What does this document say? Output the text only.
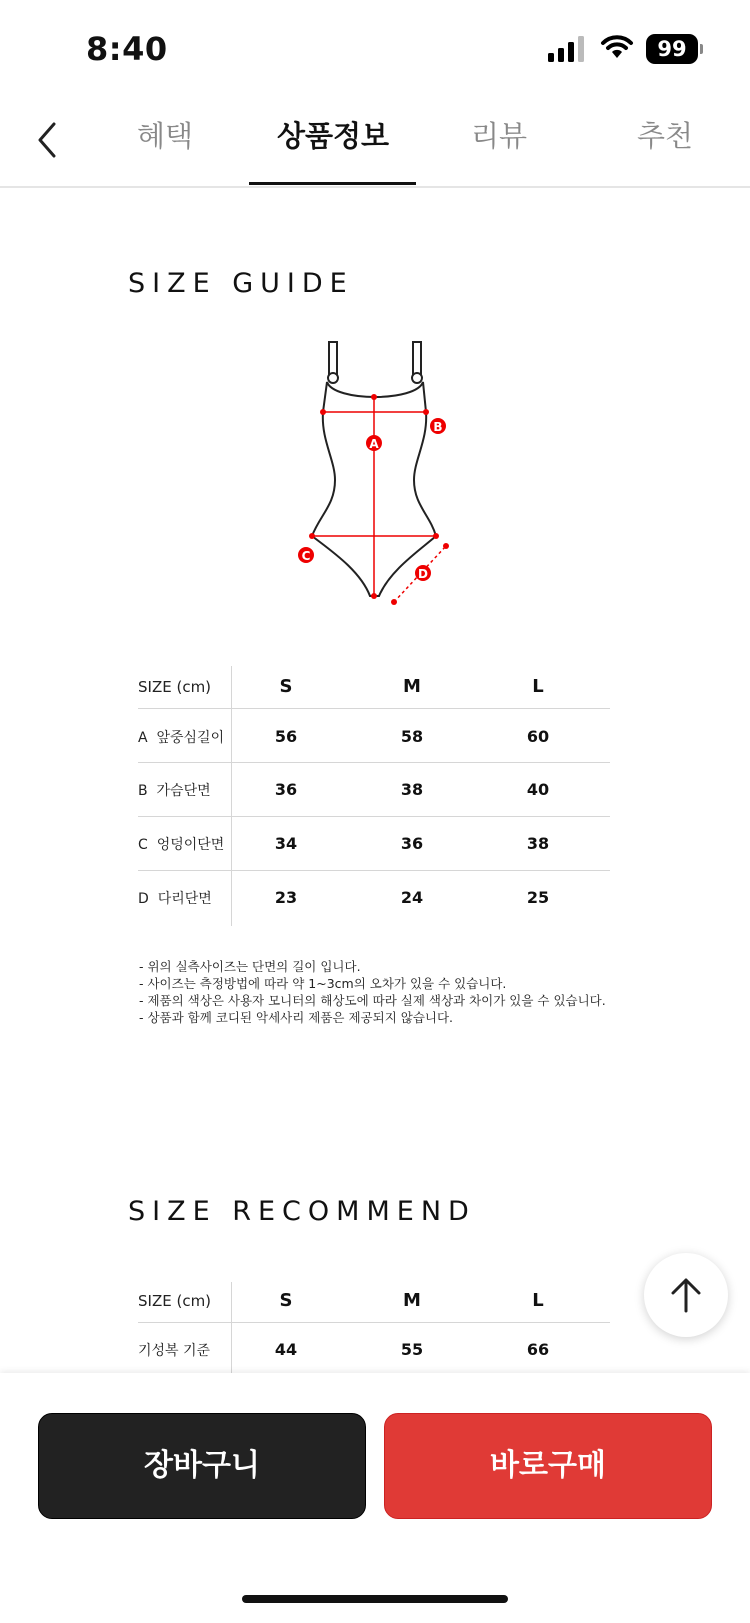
8:40	99
혜택	상품정보	리뷰	추천
SIZE GUIDE
A
B
C
D
SIZE (cm)	S	M	L
A 앞중심길이	56	58	60
B 가슴단면	36	38	40
C 엉덩이단면	34	36	38
D 다리단면	23	24	25
- 위의 실측사이즈는 단면의 길이 입니다.
- 사이즈는 측정방법에 따라 약 1~3cm의 오차가 있을 수 있습니다.
- 제품의 색상은 사용자 모니터의 해상도에 따라 실제 색상과 차이가 있을 수 있습니다.
- 상품과 함께 코디된 악세사리 제품은 제공되지 않습니다.
SIZE RECOMMEND
SIZE (cm)	S	M	L
기성복 기준	44	55	66
장바구니	바로구매
